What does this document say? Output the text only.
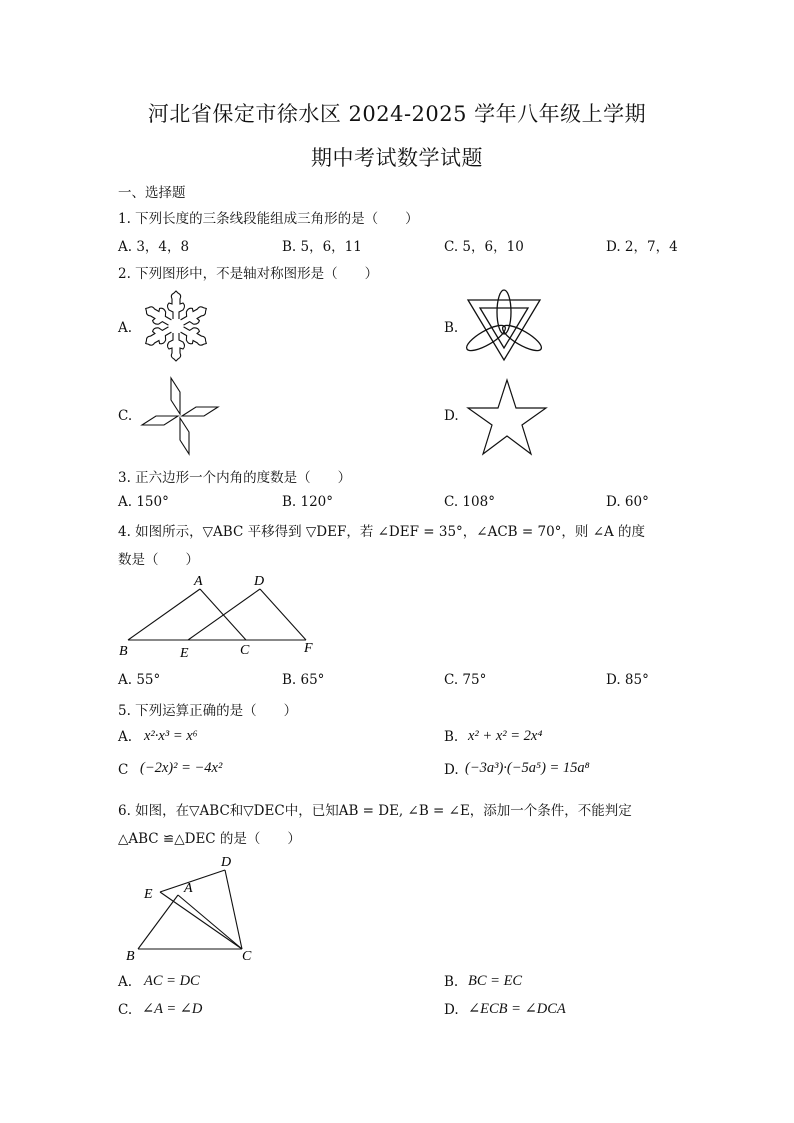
河北省保定市徐水区 2024-2025 学年八年级上学期
期中考试数学试题
一、选择题
1. 下列长度的三条线段能组成三角形的是（　　）
A. 3，4，8	B. 5，6，11	C. 5，6，10	D. 2，7，4
2. 下列图形中，不是轴对称图形是（　　）
A.	B.
C.	D.
3. 正六边形一个内角的度数是（　　）
A. 150°	B. 120°	C. 108°	D. 60°
4. 如图所示，▽ABC 平移得到 ▽DEF，若 ∠DEF = 35°，∠ACB = 70°，则 ∠A 的度
数是（　　）
A
B	C
D
E	F
A. 55°	B. 65°	C. 75°	D. 85°
5. 下列运算正确的是（　　）
A. x²·x³ = x⁶	B. x² + x² = 2x⁴
C (−2x)² = −4x²	D. (−3a³)·(−5a⁵) = 15a⁸
6. 如图，在▽ABC和▽DEC中，已知AB = DE, ∠B = ∠E，添加一个条件，不能判定
△ABC ≌△DEC 的是（　　）
D
E A
B	C
A. AC = DC	B. BC = EC
C. ∠A = ∠D	D. ∠ECB = ∠DCA
